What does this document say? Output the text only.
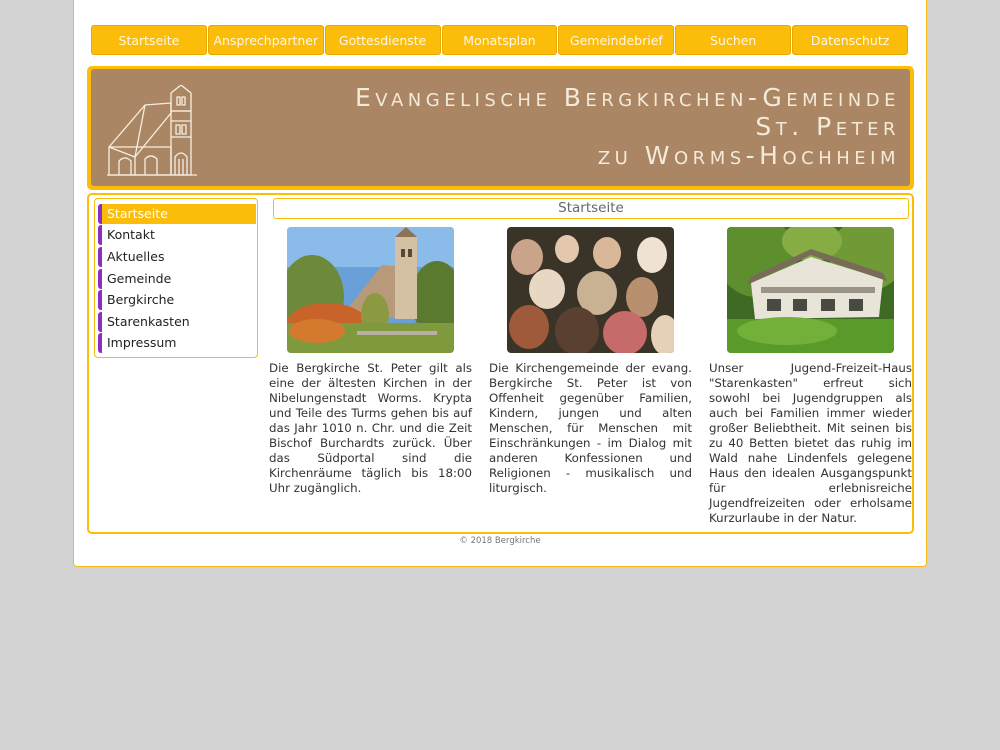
Startseite	Ansprechpartner	Gottesdienste	Monatsplan	Gemeindebrief	Suchen	Datenschutz
Evangelische Bergkirchen-Gemeinde
St. Peter
zu Worms-Hochheim
Startseite
Kontakt
Aktuelles
Gemeinde
Bergkirche
Starenkasten
Impressum
Startseite

Die Bergkirche St. Peter gilt als eine der ältesten Kirchen in der Nibelungenstadt Worms. Krypta und Teile des Turms gehen bis auf das Jahr 1010 n. Chr. und die Zeit Bischof Burchardts zurück. Über das Südportal sind die Kirchenräume täglich bis 18:00 Uhr zugänglich.

Die Kirchengemeinde der evang. Bergkirche St. Peter ist von Offenheit gegenüber Familien, Kindern, jungen und alten Menschen, für Menschen mit Einschränkungen - im Dialog mit anderen Konfessionen und Religionen - musikalisch und liturgisch.

Unser Jugend-Freizeit-Haus "Starenkasten" erfreut sich sowohl bei Jugendgruppen als auch bei Familien immer wieder großer Beliebtheit. Mit seinen bis zu 40 Betten bietet das ruhig im Wald nahe Lindenfels gelegene Haus den idealen Ausgangspunkt für erlebnisreiche Jugendfreizeiten oder erholsame Kurzurlaube in der Natur.

© 2018 Bergkirche
